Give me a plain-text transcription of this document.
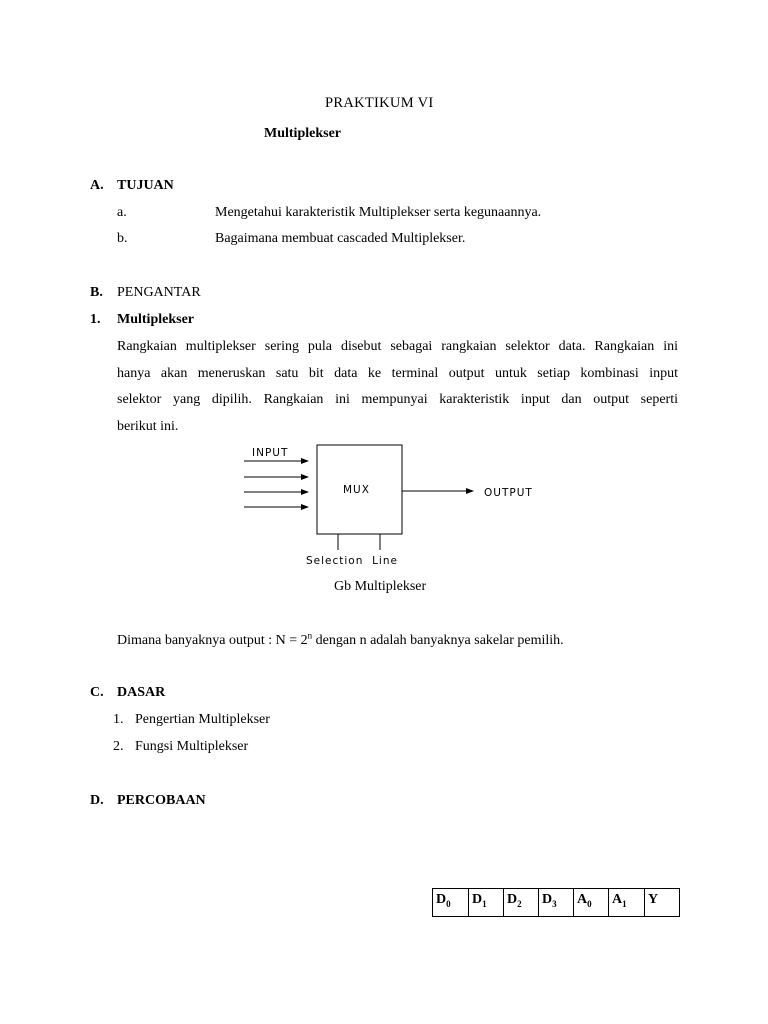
PRAKTIKUM VI
Multiplekser
A. TUJUAN
a.	Mengetahui karakteristik Multiplekser serta kegunaannya.
b.	Bagaimana membuat cascaded Multiplekser.
B. PENGANTAR
1. Multiplekser
Rangkaian multiplekser sering pula disebut sebagai rangkaian selektor data. Rangkaian ini
hanya akan meneruskan satu bit data ke terminal output untuk setiap kombinasi input
selektor yang dipilih. Rangkaian ini mempunyai karakteristik input dan output seperti
berikut ini.
INPUT
MUX	OUTPUT
Selection  Line
Gb Multiplekser
Dimana banyaknya output : $N = 2^n$ dengan n adalah banyaknya sakelar pemilih.
C. DASAR
1. Pengertian Multiplekser
2. Fungsi Multiplekser
D. PERCOBAAN
$D_0$	$D_1$	$D_2$	$D_3$	$A_0$	$A_1$	Y
